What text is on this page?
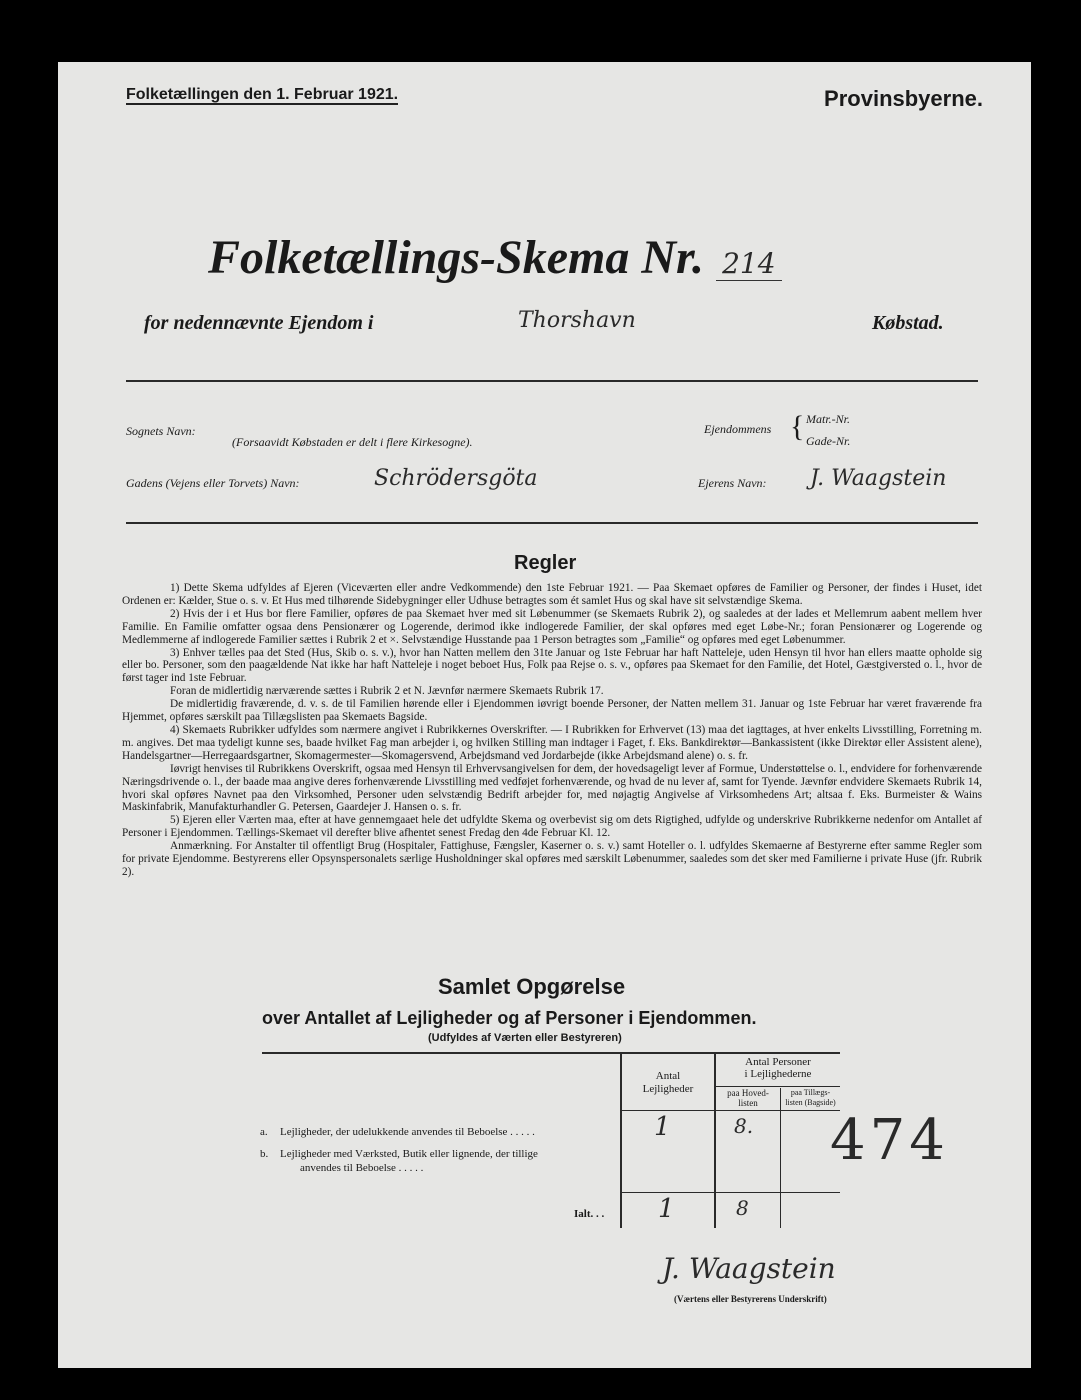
Folketællingen den 1. Februar 1921.	Provinsbyerne.
Folketællings-Skema Nr. 214
for nedennævnte Ejendom i	Thorshavn	Købstad.
Sognets Navn:
(Forsaavidt Købstaden er delt i flere Kirkesogne).
Ejendommens { Matr.-Nr.
Gade-Nr.
Gadens (Vejens eller Torvets) Navn:	Schrödersgöta	Ejerens Navn: J. Waagstein
Regler

1) Dette Skema udfyldes af Ejeren (Viceværten eller andre Vedkommende) den 1ste Februar 1921. — Paa Skemaet opføres de Familier og Personer, der findes i Huset, idet Ordenen er: Kælder, Stue o. s. v. Et Hus med tilhørende Sidebygninger eller Udhuse betragtes som ét samlet Hus og skal have sit selvstændige Skema.

2) Hvis der i et Hus bor flere Familier, opføres de paa Skemaet hver med sit Løbenummer (se Skemaets Rubrik 2), og saaledes at der lades et Mellemrum aabent mellem hver Familie. En Familie omfatter ogsaa dens Pensionærer og Logerende, derimod ikke indlogerede Familier, der skal opføres med eget Løbe-Nr.; foran Pensionærer og Logerende og Medlemmerne af indlogerede Familier sættes i Rubrik 2 et ×. Selvstændige Husstande paa 1 Person betragtes som „Familie“ og opføres med eget Løbenummer.

3) Enhver tælles paa det Sted (Hus, Skib o. s. v.), hvor han Natten mellem den 31te Januar og 1ste Februar har haft Natteleje, uden Hensyn til hvor han ellers maatte opholde sig eller bo. Personer, som den paagældende Nat ikke har haft Natteleje i noget beboet Hus, Folk paa Rejse o. s. v., opføres paa Skemaet for den Familie, det Hotel, Gæstgiversted o. l., hvor de først tager ind 1ste Februar.

Foran de midlertidig nærværende sættes i Rubrik 2 et N. Jævnfør nærmere Skemaets Rubrik 17.

De midlertidig fraværende, d. v. s. de til Familien hørende eller i Ejendommen iøvrigt boende Personer, der Natten mellem 31. Januar og 1ste Februar har været fraværende fra Hjemmet, opføres særskilt paa Tillægslisten paa Skemaets Bagside.

4) Skemaets Rubrikker udfyldes som nærmere angivet i Rubrikkernes Overskrifter. — I Rubrikken for Erhvervet (13) maa det iagttages, at hver enkelts Livsstilling, Forretning m. m. angives. Det maa tydeligt kunne ses, baade hvilket Fag man arbejder i, og hvilken Stilling man indtager i Faget, f. Eks. Bankdirektør—Bankassistent (ikke Direktør eller Assistent alene), Handelsgartner—Herregaardsgartner, Skomagermester—Skomagersvend, Arbejdsmand ved Jordarbejde (ikke Arbejdsmand alene) o. s. fr.

Iøvrigt henvises til Rubrikkens Overskrift, ogsaa med Hensyn til Erhvervsangivelsen for dem, der hovedsageligt lever af Formue, Understøttelse o. l., endvidere for forhenværende Næringsdrivende o. l., der baade maa angive deres forhenværende Livsstilling med vedføjet forhenværende, og hvad de nu lever af, samt for Tyende. Jævnfør endvidere Skemaets Rubrik 14, hvori skal opføres Navnet paa den Virksomhed, Personer uden selvstændig Bedrift arbejder for, med nøjagtig Angivelse af Virksomhedens Art; altsaa f. Eks. Burmeister & Wains Maskinfabrik, Manufakturhandler G. Petersen, Gaardejer J. Hansen o. s. fr.

5) Ejeren eller Værten maa, efter at have gennemgaaet hele det udfyldte Skema og overbevist sig om dets Rigtighed, udfylde og underskrive Rubrikkerne nedenfor om Antallet af Personer i Ejendommen. Tællings-Skemaet vil derefter blive afhentet senest Fredag den 4de Februar Kl. 12.

Anmærkning. For Anstalter til offentligt Brug (Hospitaler, Fattighuse, Fængsler, Kaserner o. s. v.) samt Hoteller o. l. udfyldes Skemaerne af Bestyrerne efter samme Regler som for private Ejendomme. Bestyrerens eller Opsynspersonalets særlige Husholdninger skal opføres med særskilt Løbenummer, saaledes som det sker med Familierne i private Huse (jfr. Rubrik 2).

Samlet Opgørelse
over Antallet af Lejligheder og af Personer i Ejendommen.
(Udfyldes af Værten eller Bestyreren)
Antal
Lejligheder
Antal Personer
i Lejlighederne
paa Hoved-
listen
paa Tillægs-
listen (Bagside)
a. Lejligheder, der udelukkende anvendes til Beboelse . . . . .	1	8.
b. Lejligheder med Værksted, Butik eller lignende, der tillige
anvendes til Beboelse . . . . .
Ialt. . . 1	8
474
J. Waagstein
(Værtens eller Bestyrerens Underskrift)
